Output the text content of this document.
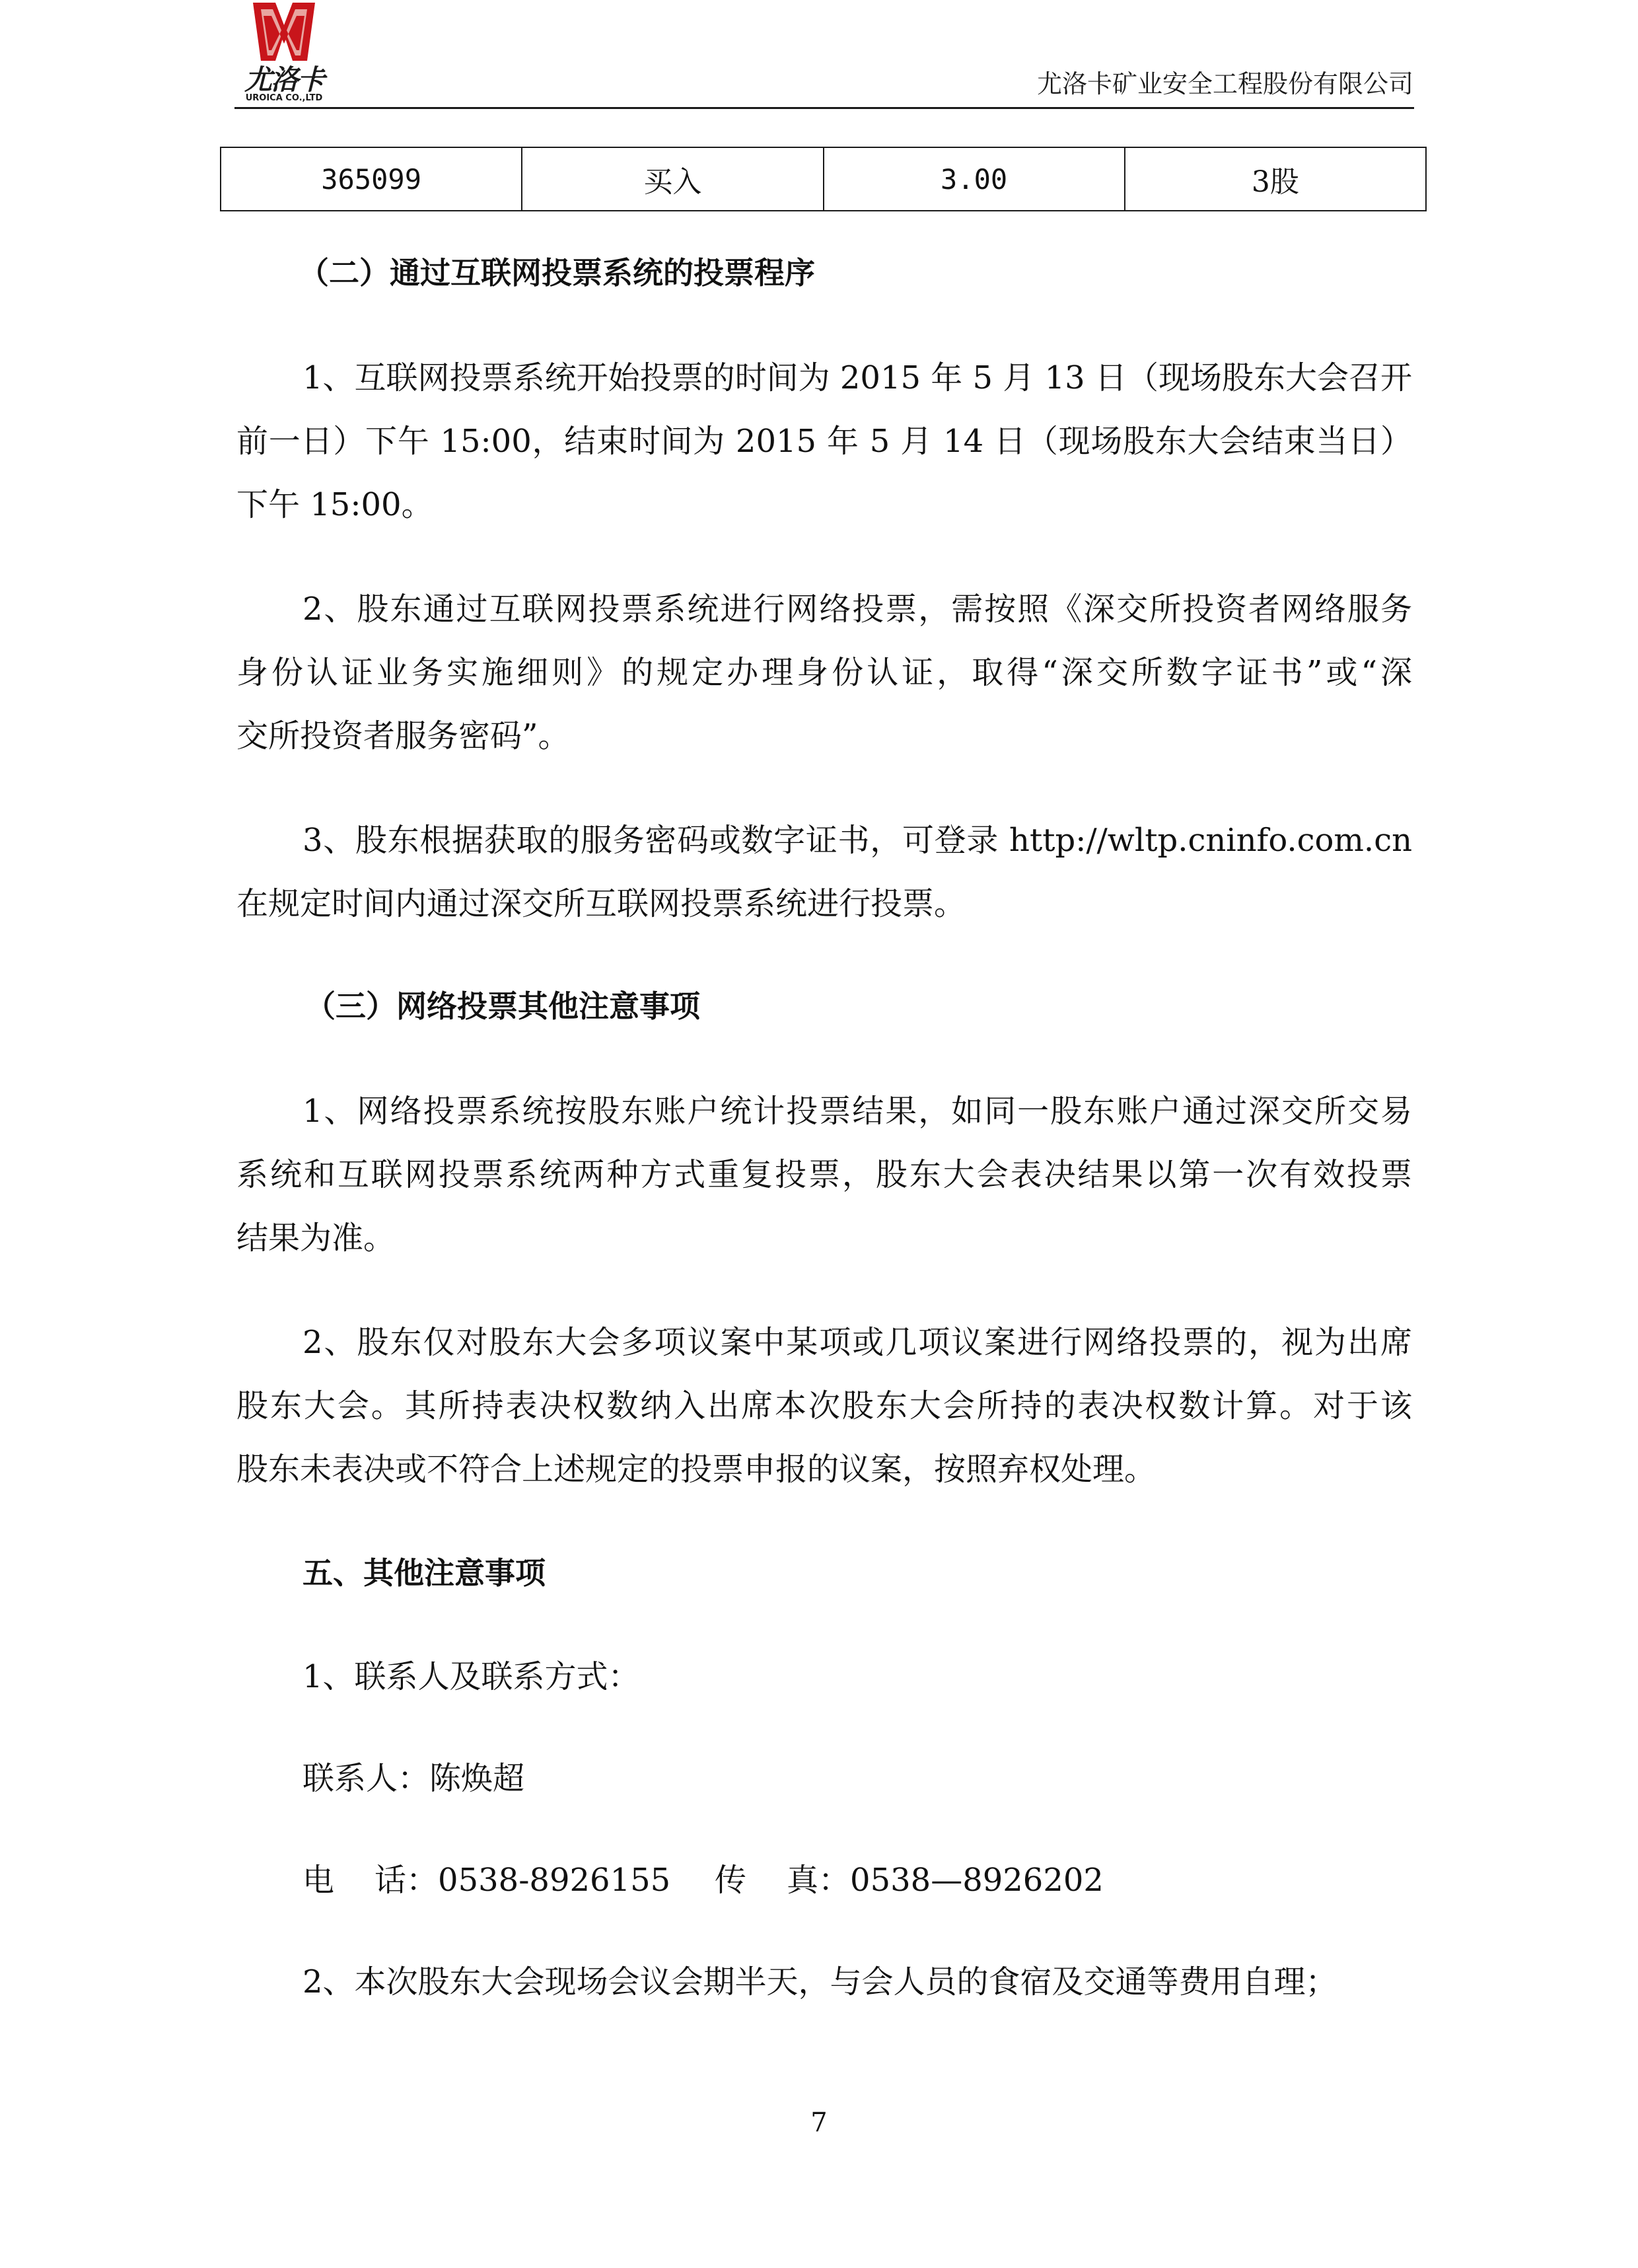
尤洛卡
UROICA CO.,LTD	尤洛卡矿业安全工程股份有限公司
365099	买入	3.00	3股
（二）通过互联网投票系统的投票程序
1、互联网投票系统开始投票的时间为 2015 年 5 月 13 日（现场股东大会召开
前一日）下午 15:00，结束时间为 2015 年 5 月 14 日（现场股东大会结束当日）
下午 15:00。
2、股东通过互联网投票系统进行网络投票，需按照《深交所投资者网络服务
身份认证业务实施细则》的规定办理身份认证，取得“深交所数字证书”或“深
交所投资者服务密码”。
3、股东根据获取的服务密码或数字证书，可登录 http://wltp.cninfo.com.cn
在规定时间内通过深交所互联网投票系统进行投票。
（三）网络投票其他注意事项
1、网络投票系统按股东账户统计投票结果，如同一股东账户通过深交所交易
系统和互联网投票系统两种方式重复投票，股东大会表决结果以第一次有效投票
结果为准。
2、股东仅对股东大会多项议案中某项或几项议案进行网络投票的，视为出席
股东大会。其所持表决权数纳入出席本次股东大会所持的表决权数计算。对于该
股东未表决或不符合上述规定的投票申报的议案，按照弃权处理。
五、其他注意事项
1、联系人及联系方式：
联系人：陈焕超
电    话：0538-8926155 传    真：0538—8926202
2、本次股东大会现场会议会期半天，与会人员的食宿及交通等费用自理；
7
